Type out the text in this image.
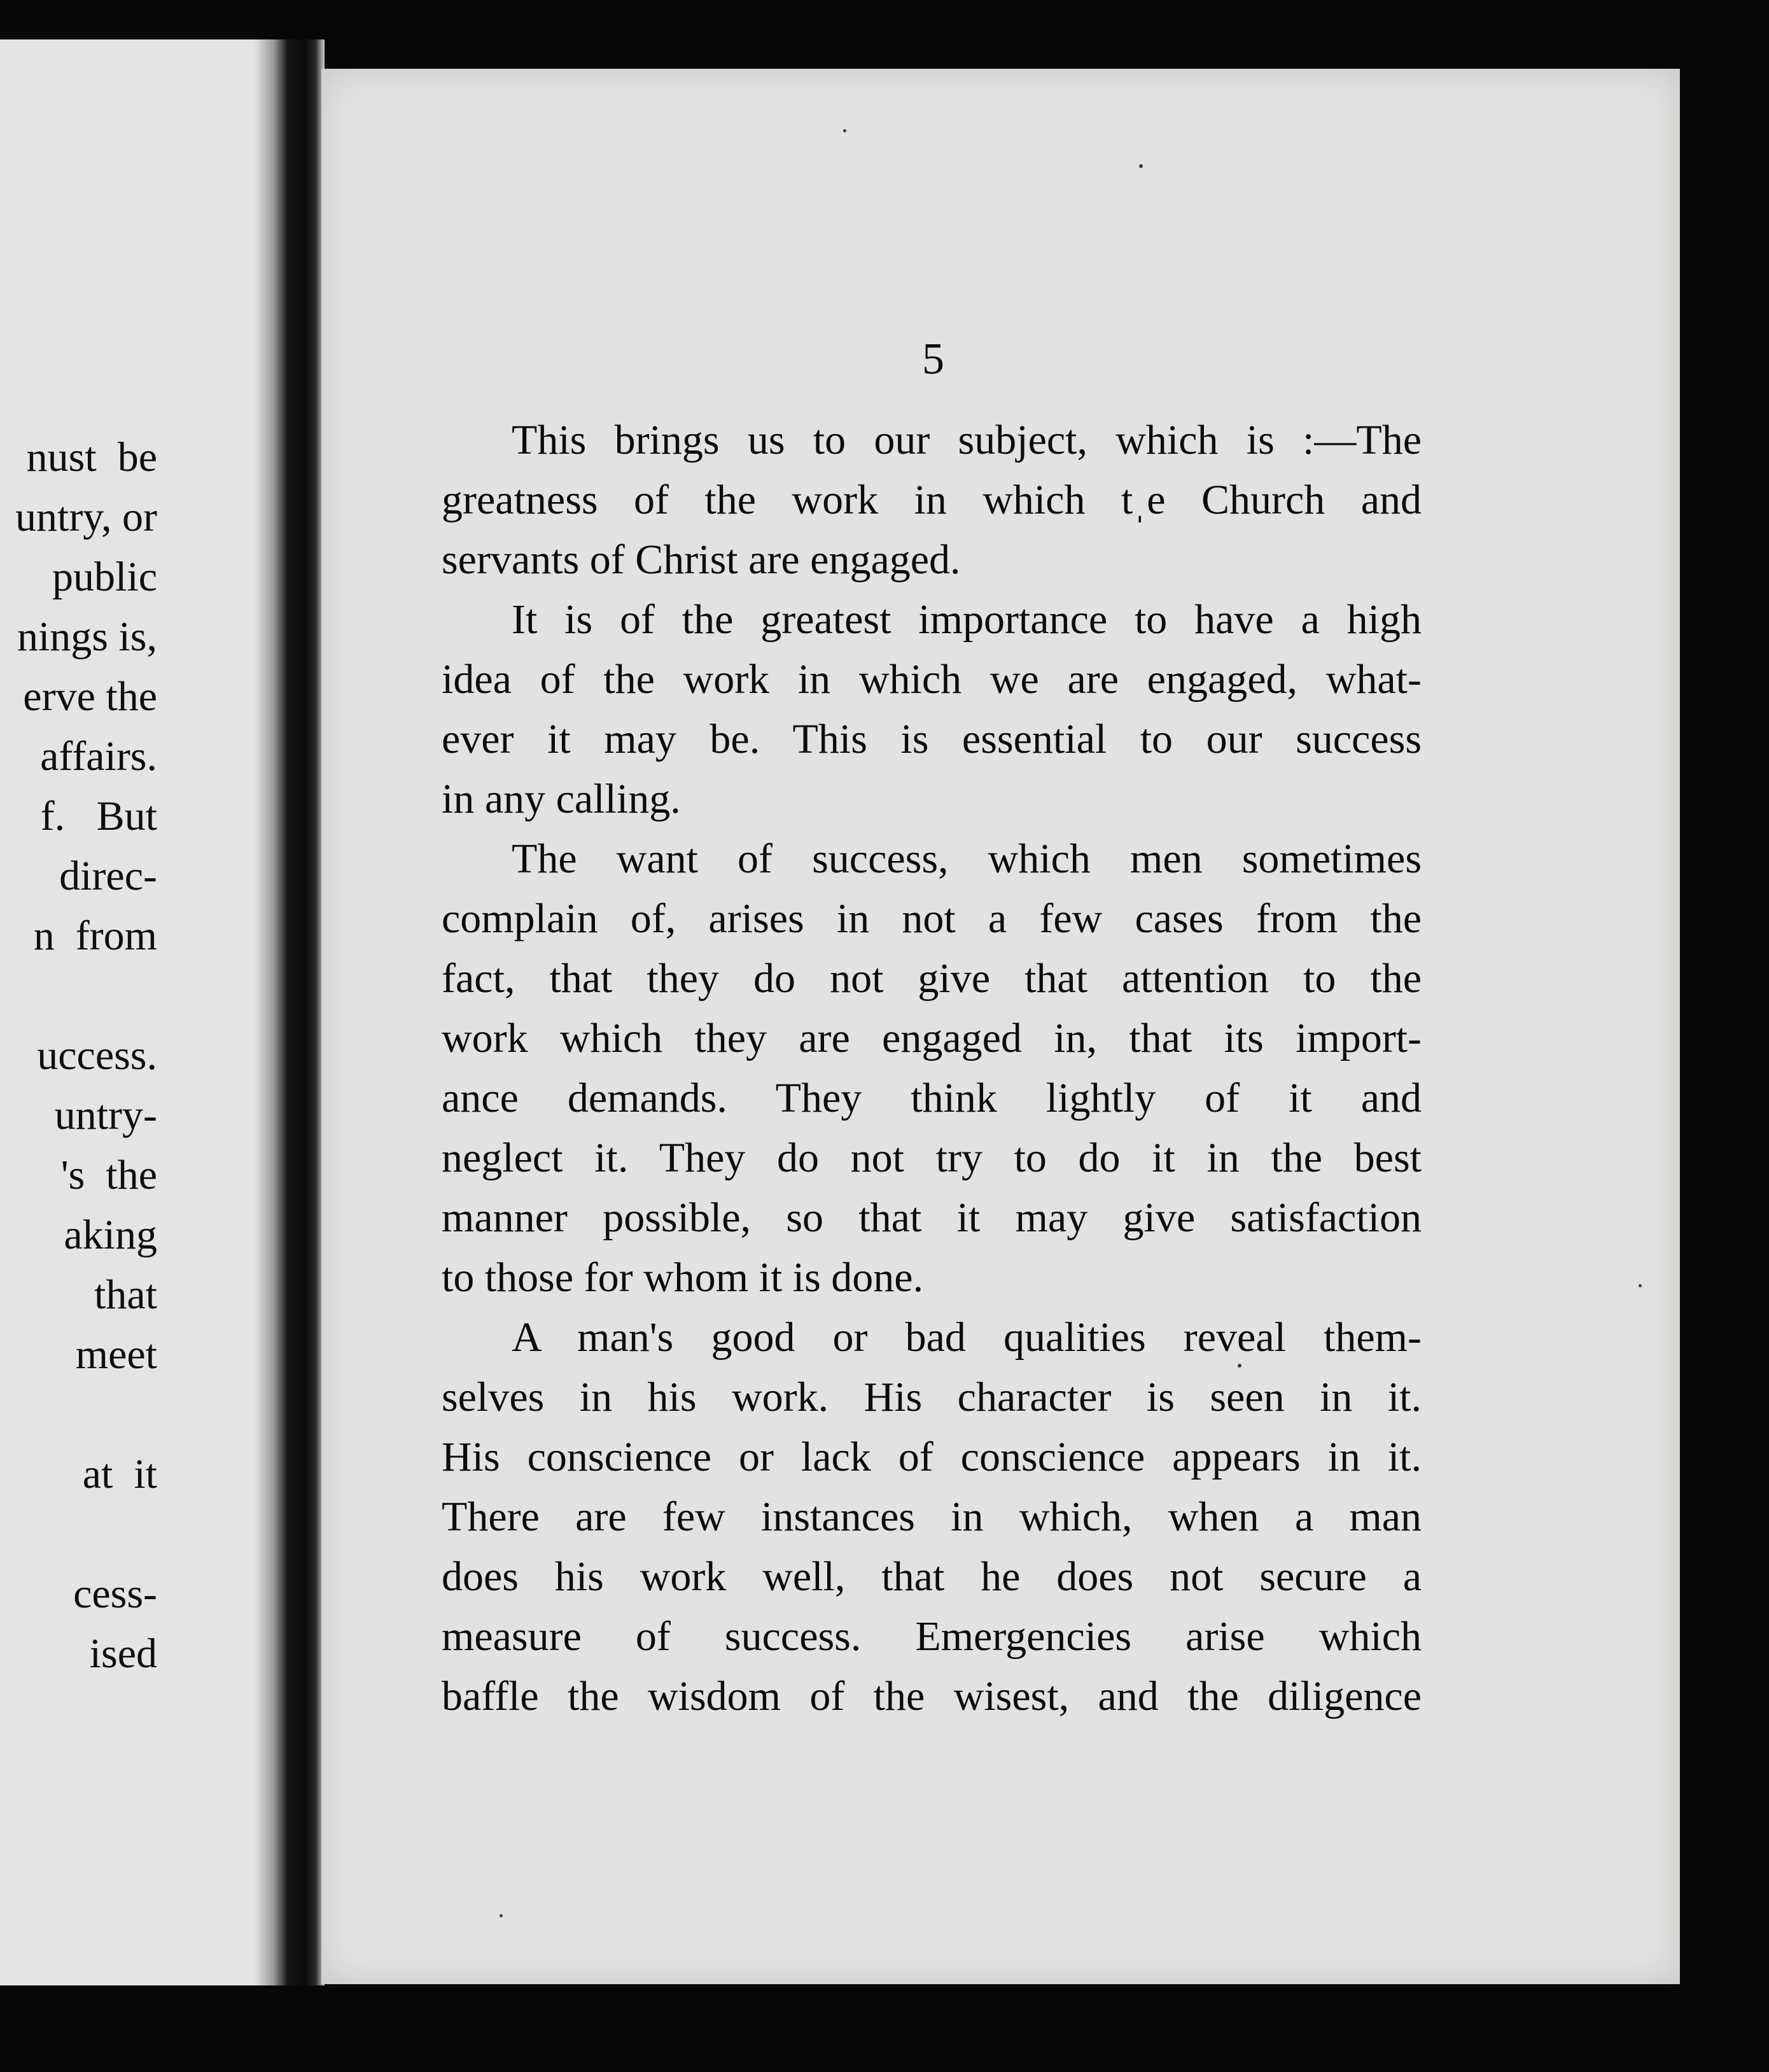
nust  be
untry, or
public
nings is,
erve the
affairs.
f.   But
direc-
n  from
uccess.
untry-
's  the
aking
that
meet
at  it
cess-
ised
5
This brings us to our subject, which is :—The
greatness of the work in which tˌe Church and
servants of Christ are engaged.
It is of the greatest importance to have a high
idea of the work in which we are engaged, what-
ever it may be. This is essential to our success
in any calling.
The want of success, which men sometimes
complain of, arises in not a few cases from the
fact, that they do not give that attention to the
work which they are engaged in, that its import-
ance demands. They think lightly of it and
neglect it. They do not try to do it in the best
manner possible, so that it may give satisfaction
to those for whom it is done.
A man's good or bad qualities reveal them-
selves in his work. His character is seen in it.
His conscience or lack of conscience appears in it.
There are few instances in which, when a man
does his work well, that he does not secure a
measure of success. Emergencies arise which
baffle the wisdom of the wisest, and the diligence
